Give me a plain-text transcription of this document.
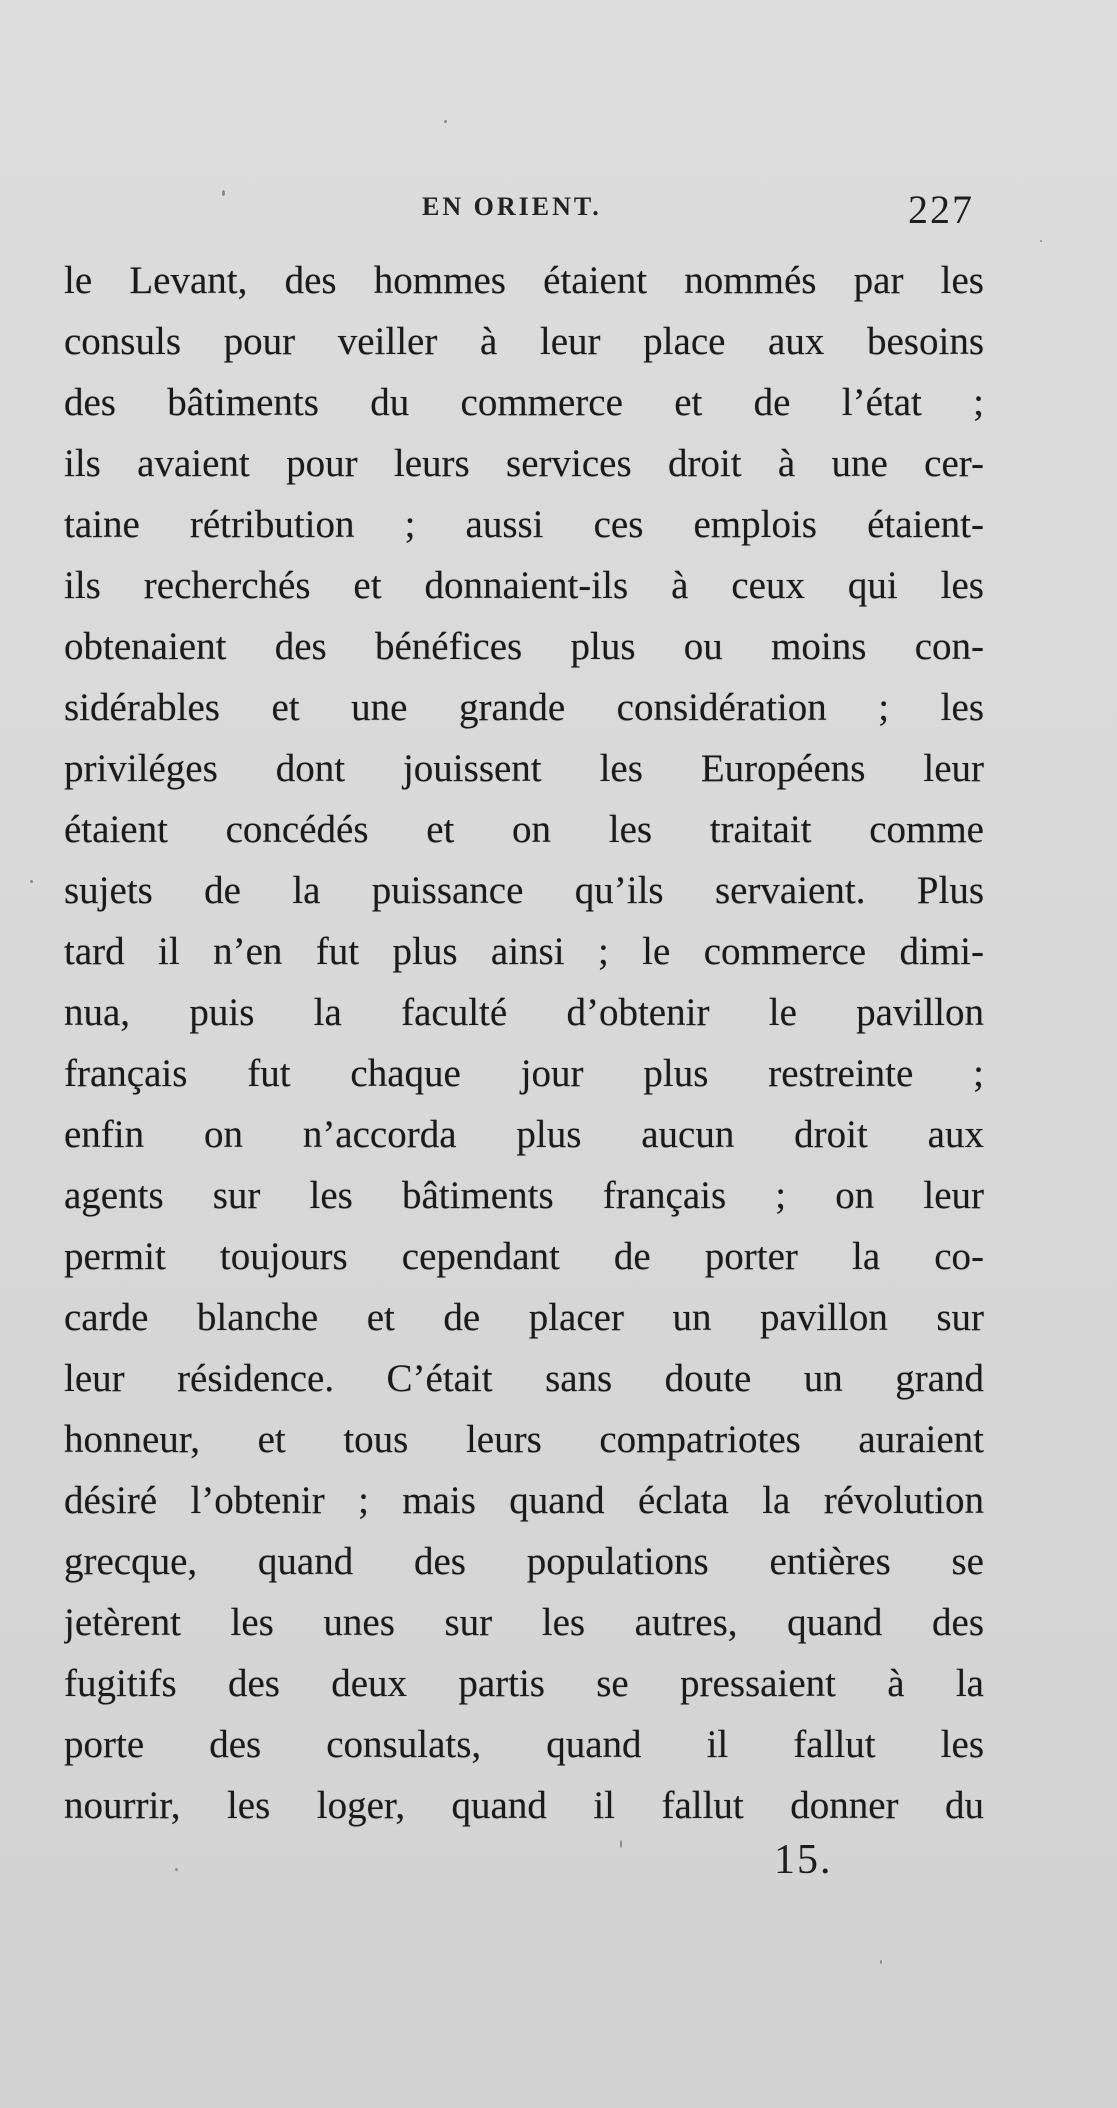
EN ORIENT.	227
le Levant, des hommes étaient nommés par les
consuls pour veiller à leur place aux besoins
des bâtiments du commerce et de l’état ;
ils avaient pour leurs services droit à une cer-
taine rétribution ; aussi ces emplois étaient-
ils recherchés et donnaient-ils à ceux qui les
obtenaient des bénéfices plus ou moins con-
sidérables et une grande considération ; les
priviléges dont jouissent les Européens leur
étaient concédés et on les traitait comme
sujets de la puissance qu’ils servaient. Plus
tard il n’en fut plus ainsi ; le commerce dimi-
nua, puis la faculté d’obtenir le pavillon
français fut chaque jour plus restreinte ;
enfin on n’accorda plus aucun droit aux
agents sur les bâtiments français ; on leur
permit toujours cependant de porter la co-
carde blanche et de placer un pavillon sur
leur résidence. C’était sans doute un grand
honneur, et tous leurs compatriotes auraient
désiré l’obtenir ; mais quand éclata la révolution
grecque, quand des populations entières se
jetèrent les unes sur les autres, quand des
fugitifs des deux partis se pressaient à la
porte des consulats, quand il fallut les
nourrir, les loger, quand il fallut donner du
15.
